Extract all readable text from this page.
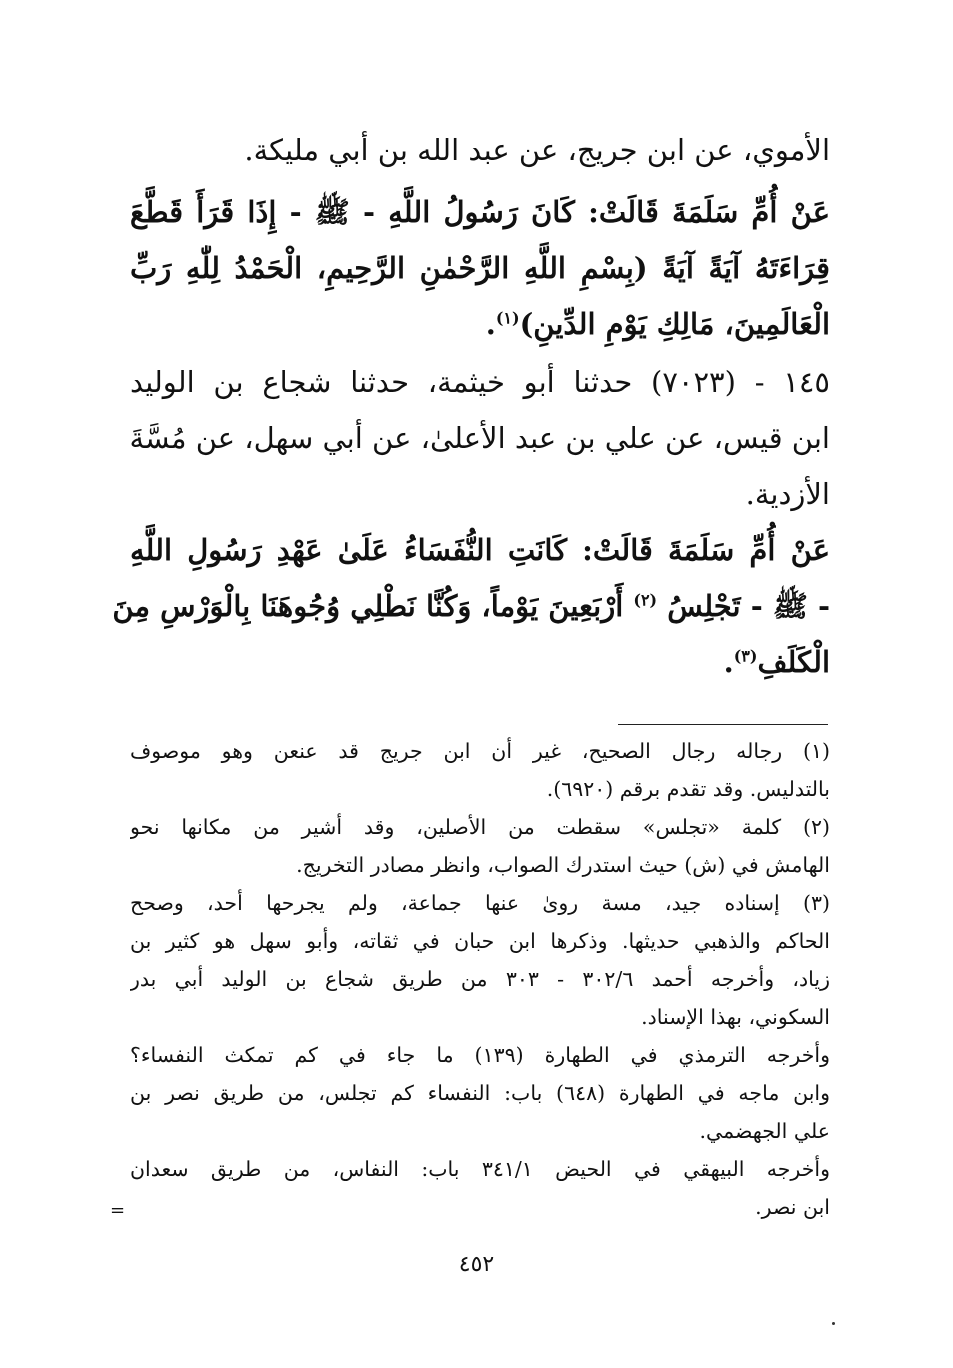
الأموي، عن ابن جريج، عن عبد الله بن أبي مليكة.

عَنْ أُمِّ سَلَمَةَ قَالَتْ: كَانَ رَسُولُ اللَّهِ - ﷺ - إِذَا قَرَأَ قَطَّعَ

قِرَاءَتَهُ آيَةً آيَةً (بِسْمِ اللَّهِ الرَّحْمٰنِ الرَّحِيمِ، الْحَمْدُ لِلّٰهِ رَبِّ

الْعَالَمِينَ، مَالِكِ يَوْمِ الدِّينِ)$^{(١)}$.

١٤٥ - (٧٠٢٣) حدثنا أبو خيثمة، حدثنا شجاع بن الوليد

ابن قيس، عن علي بن عبد الأعلىٰ، عن أبي سهل، عن مُسَّةَ

الأزدية.

عَنْ أُمِّ سَلَمَةَ قَالَتْ: كَانَتِ النُّفَسَاءُ عَلَىٰ عَهْدِ رَسُولِ اللَّهِ

- ﷺ - تَجْلِسُ $^{(٢)}$ أَرْبَعِينَ يَوْماً، وَكُنَّا نَطْلِي وُجُوهَنَا بِالْوَرْسِ مِنَ

الْكَلَفِ$^{(٣)}$.

(١) رجاله رجال الصحيح، غير أن ابن جريج قد عنعن وهو موصوف

بالتدليس. وقد تقدم برقم (٦٩٢٠).

(٢) كلمة «تجلس» سقطت من الأصلين، وقد أشير من مكانها نحو

الهامش في (ش) حيث استدرك الصواب، وانظر مصادر التخريج.

(٣) إسناده جيد، مسة روىٰ عنها جماعة، ولم يجرحها أحد، وصحح

الحاكم والذهبي حديثها. وذكرها ابن حبان في ثقاته، وأبو سهل هو كثير بن

زياد، وأخرجه أحمد ٣٠٢/٦ - ٣٠٣ من طريق شجاع بن الوليد أبي بدر

السكوني، بهذا الإسناد.

وأخرجه الترمذي في الطهارة (١٣٩) ما جاء في كم تمكث النفساء؟

وابن ماجه في الطهارة (٦٤٨) باب: النفساء كم تجلس، من طريق نصر بن

علي الجهضمي.

وأخرجه البيهقي في الحيض ٣٤١/١ باب: النفاس، من طريق سعدان

ابن نصر.

=
٤٥٢
